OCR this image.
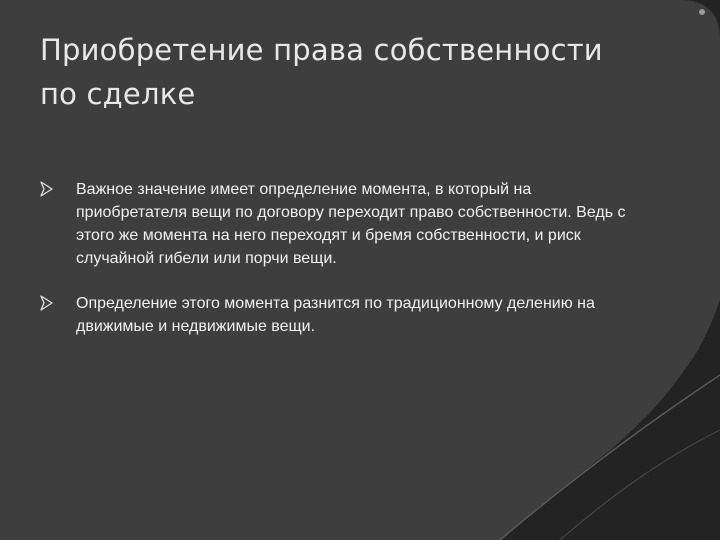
Приобретение права собственности
по сделке
Важное значение имеет определение момента, в который на приобретателя вещи по договору переходит право собственности. Ведь с этого же момента на него переходят и бремя собственности, и риск случайной гибели или порчи вещи.
Определение этого момента разнится по традиционному делению на движимые и недвижимые вещи.
